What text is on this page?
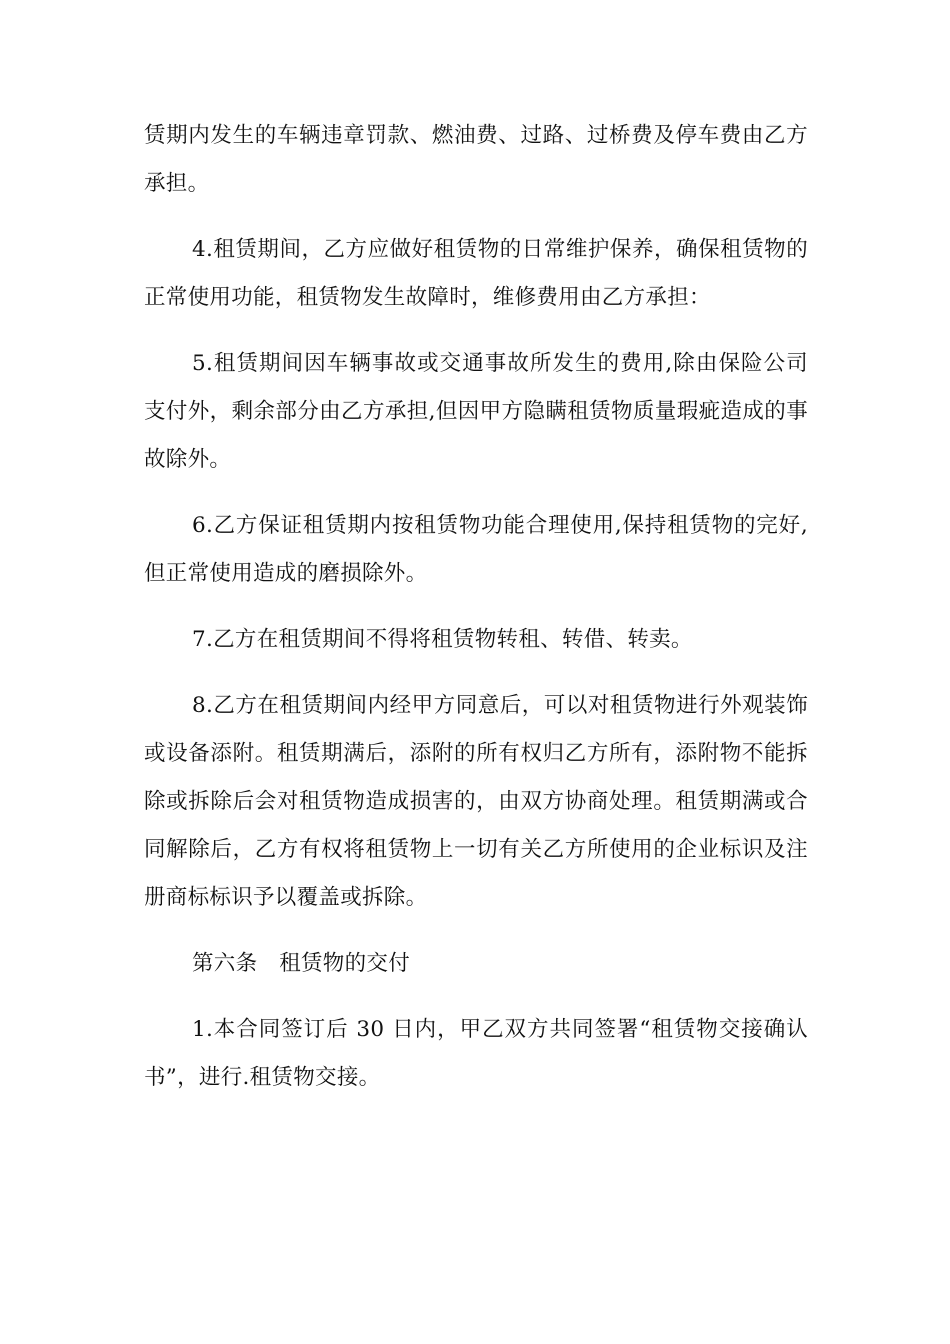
赁期内发生的车辆违章罚款、燃油费、过路、过桥费及停车费由乙方承担。

4.租赁期间，乙方应做好租赁物的日常维护保养，确保租赁物的正常使用功能，租赁物发生故障时，维修费用由乙方承担：

5.租赁期间因车辆事故或交通事故所发生的费用,除由保险公司支付外，剩余部分由乙方承担,但因甲方隐瞒租赁物质量瑕疵造成的事故除外。

6.乙方保证租赁期内按租赁物功能合理使用,保持租赁物的完好,但正常使用造成的磨损除外。

7.乙方在租赁期间不得将租赁物转租、转借、转卖。

8.乙方在租赁期间内经甲方同意后，可以对租赁物进行外观装饰或设备添附。租赁期满后，添附的所有权归乙方所有，添附物不能拆除或拆除后会对租赁物造成损害的，由双方协商处理。租赁期满或合同解除后，乙方有权将租赁物上一切有关乙方所使用的企业标识及注册商标标识予以覆盖或拆除。

第六条　租赁物的交付

1.本合同签订后 30 日内，甲乙双方共同签署“租赁物交接确认书”，进行.租赁物交接。
